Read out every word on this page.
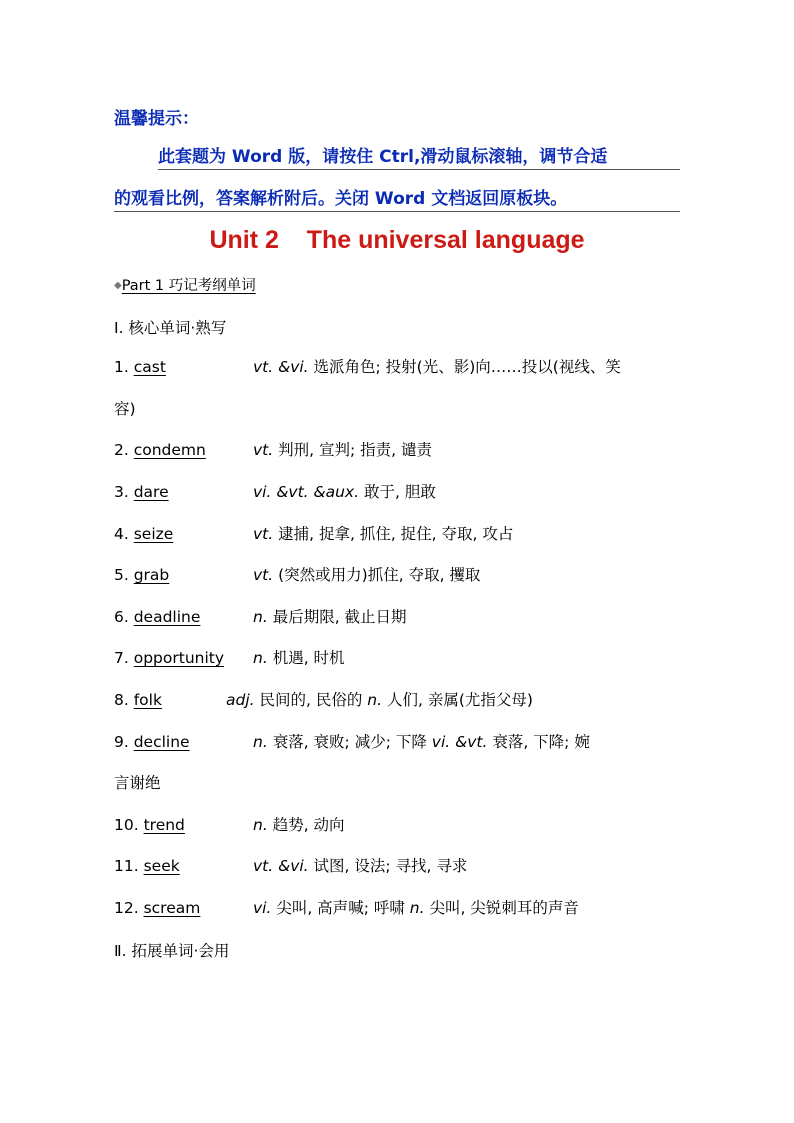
温馨提示：
此套题为 Word 版，请按住 Ctrl,滑动鼠标滚轴，调节合适
的观看比例，答案解析附后。关闭 Word 文档返回原板块。
Unit 2    The universal language
◆Part 1 巧记考纲单词
Ⅰ. 核心单词·熟写
1. cast	vt. &vi. 选派角色; 投射(光、影)向……投以(视线、笑
容)
2. condemn	vt. 判刑, 宣判; 指责, 谴责
3. dare	vi. &vt. &aux. 敢于, 胆敢
4. seize	vt. 逮捕, 捉拿, 抓住, 捉住, 夺取, 攻占
5. grab	vt. (突然或用力)抓住, 夺取, 攫取
6. deadline	n. 最后期限, 截止日期
7. opportunity n. 机遇, 时机
8. folk	adj. 民间的, 民俗的 n. 人们, 亲属(尤指父母)
9. decline	n. 衰落, 衰败; 减少; 下降 vi. &vt. 衰落, 下降; 婉
言谢绝
10. trend	n. 趋势, 动向
11. seek	vt. &vi. 试图, 设法; 寻找, 寻求
12. scream	vi. 尖叫, 高声喊; 呼啸 n. 尖叫, 尖锐刺耳的声音
Ⅱ. 拓展单词·会用
